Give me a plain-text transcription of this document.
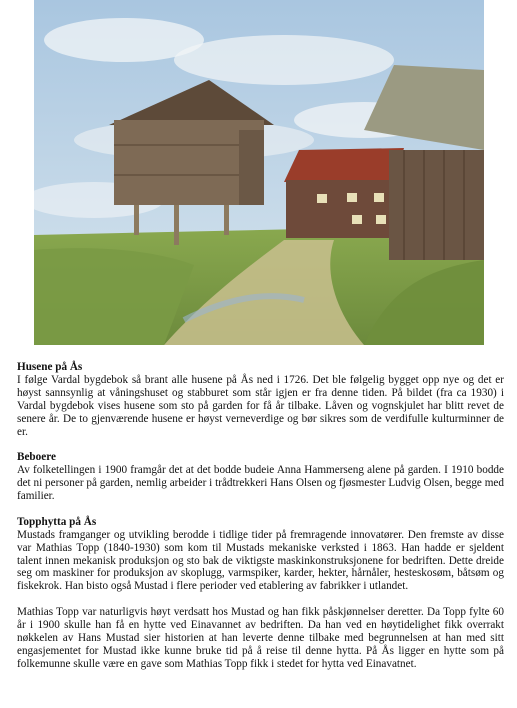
Husene på Ås

I følge Vardal bygdebok så brant alle husene på Ås ned i 1726. Det ble følgelig bygget opp nye og det er høyst sannsynlig at våningshuset og stabburet som står igjen er fra denne tiden. På bildet (fra ca 1930) i Vardal bygdebok vises husene som sto på garden for få år tilbake. Låven og vognskjulet har blitt revet de senere år. De to gjenværende husene er høyst verneverdige og bør sikres som de verdifulle kulturminner de er.

Beboere

Av folketellingen i 1900 framgår det at det bodde budeie Anna Hammerseng alene på garden. I 1910 bodde det ni personer på garden, nemlig arbeider i trådtrekkeri Hans Olsen og fjøsmester Ludvig Olsen, begge med familier.

Topphytta på Ås

Mustads framganger og utvikling berodde i tidlige tider på fremragende innovatører. Den fremste av disse var Mathias Topp (1840-1930) som kom til Mustads mekaniske verksted i 1863. Han hadde er sjeldent talent innen mekanisk produksjon og sto bak de viktigste maskinkonstruksjonene for bedriften. Dette dreide seg om maskiner for produksjon av skoplugg, varmspiker, karder, hekter, hårnåler, hesteskosøm, båtsøm og fiskekrok. Han bisto også Mustad i flere perioder ved etablering av fabrikker i utlandet.

Mathias Topp var naturligvis høyt verdsatt hos Mustad og han fikk påskjønnelser deretter. Da Topp fylte 60 år i 1900 skulle han få en hytte ved Einavannet av bedriften. Da han ved en høytidelighet fikk overrakt nøkkelen av Hans Mustad sier historien at han leverte denne tilbake med begrunnelsen at han med sitt engasjementet for Mustad ikke kunne bruke tid på å reise til denne hytta. På Ås ligger en hytte som på folkemunne skulle være en gave som Mathias Topp fikk i stedet for hytta ved Einavatnet.
